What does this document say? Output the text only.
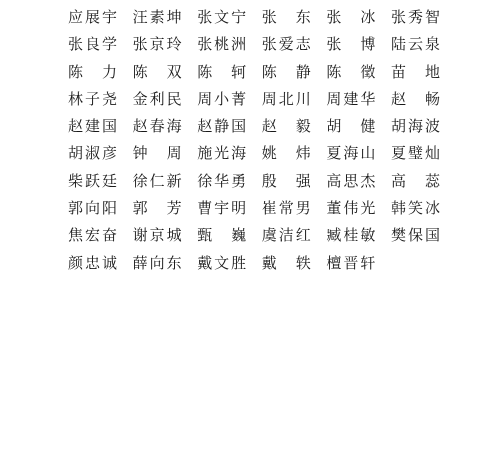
应 展 宇 汪 素 坤 张 文 宁 张 东 张 冰 张 秀 智
张 良 学 张 京 玲 张 桃 洲 张 爱 志 张 博 陆 云 泉
陈 力 陈 双 陈 轲 陈 静 陈 徵 苗 地
林 子 尧 金 利 民 周 小 菁 周 北 川 周 建 华 赵 畅
赵 建 国 赵 春 海 赵 静 国 赵 毅 胡 健 胡 海 波
胡 淑 彦 钟 周 施 光 海 姚 炜 夏 海 山 夏 璧 灿
柴 跃 廷 徐 仁 新 徐 华 勇 殷 强 高 思 杰 高 蕊
郭 向 阳 郭 芳 曹 宇 明 崔 常 男 董 伟 光 韩 笑 冰
焦 宏 奋 谢 京 城 甄 巍 虞 洁 红 臧 桂 敏 樊 保 国
颜 忠 诚 薛 向 东 戴 文 胜 戴 轶 檀 晋 轩
